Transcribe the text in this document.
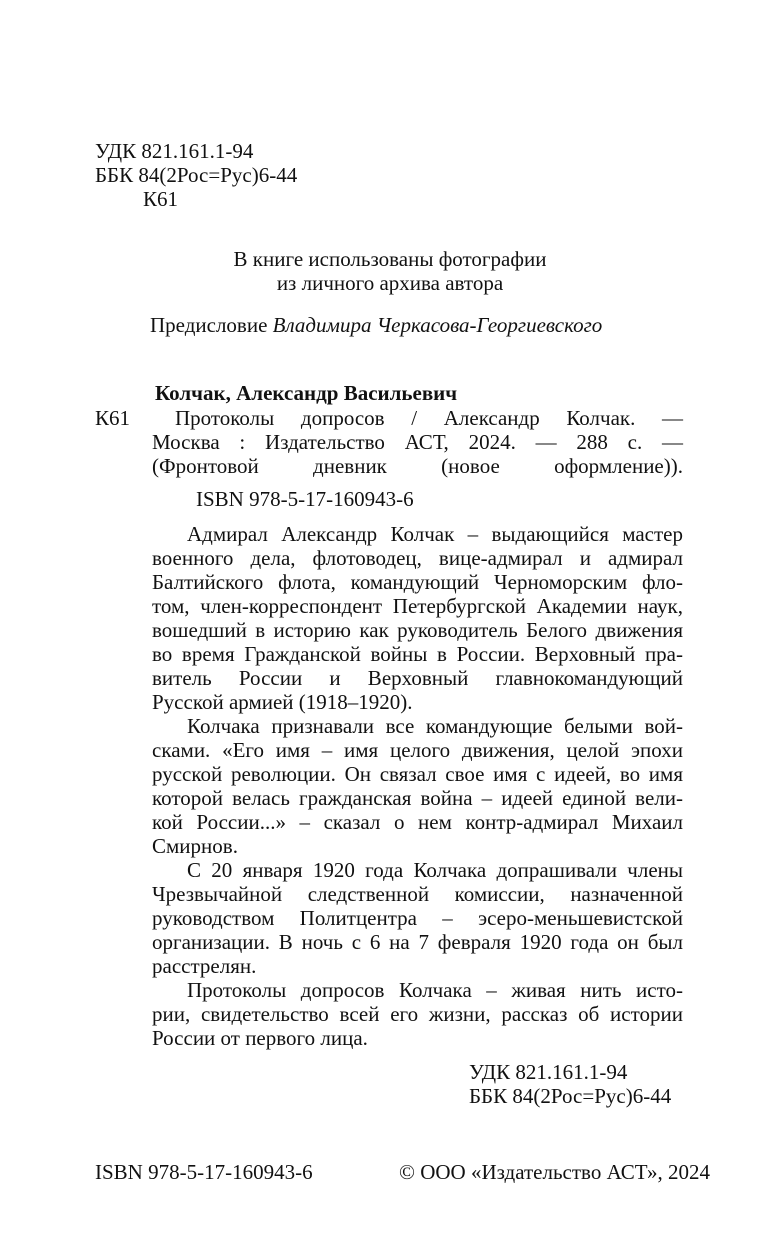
УДК 821.161.1-94
ББК 84(2Рос=Рус)6-44
К61
В книге использованы фотографии
из личного архива автора
Предисловие Владимира Черкасова-Георгиевского
Колчак, Александр Васильевич
К61 Протоколы допросов / Александр Колчак. —
Москва : Издательство АСТ, 2024. — 288 с. —
(Фронтовой дневник (новое оформление)).
ISBN 978-5-17-160943-6
Адмирал Александр Колчак – выдающийся мастер
военного дела, флотоводец, вице-адмирал и адмирал
Балтийского флота, командующий Черноморским фло-
том, член-корреспондент Петербургской Академии наук,
вошедший в историю как руководитель Белого движения
во время Гражданской войны в России. Верховный пра-
витель России и Верховный главнокомандующий
Русской армией (1918–1920).
Колчака признавали все командующие белыми вой-
сками. «Его имя – имя целого движения, целой эпохи
русской революции. Он связал свое имя с идеей, во имя
которой велась гражданская война – идеей единой вели-
кой России...» – сказал о нем контр-адмирал Михаил
Смирнов.
С 20 января 1920 года Колчака допрашивали члены
Чрезвычайной следственной комиссии, назначенной
руководством Политцентра – эсеро-меньшевистской
организации. В ночь с 6 на 7 февраля 1920 года он был
расстрелян.
Протоколы допросов Колчака – живая нить исто-
рии, свидетельство всей его жизни, рассказ об истории
России от первого лица.
УДК 821.161.1-94
ББК 84(2Рос=Рус)6-44
ISBN 978-5-17-160943-6	© ООО «Издательство АСТ», 2024
